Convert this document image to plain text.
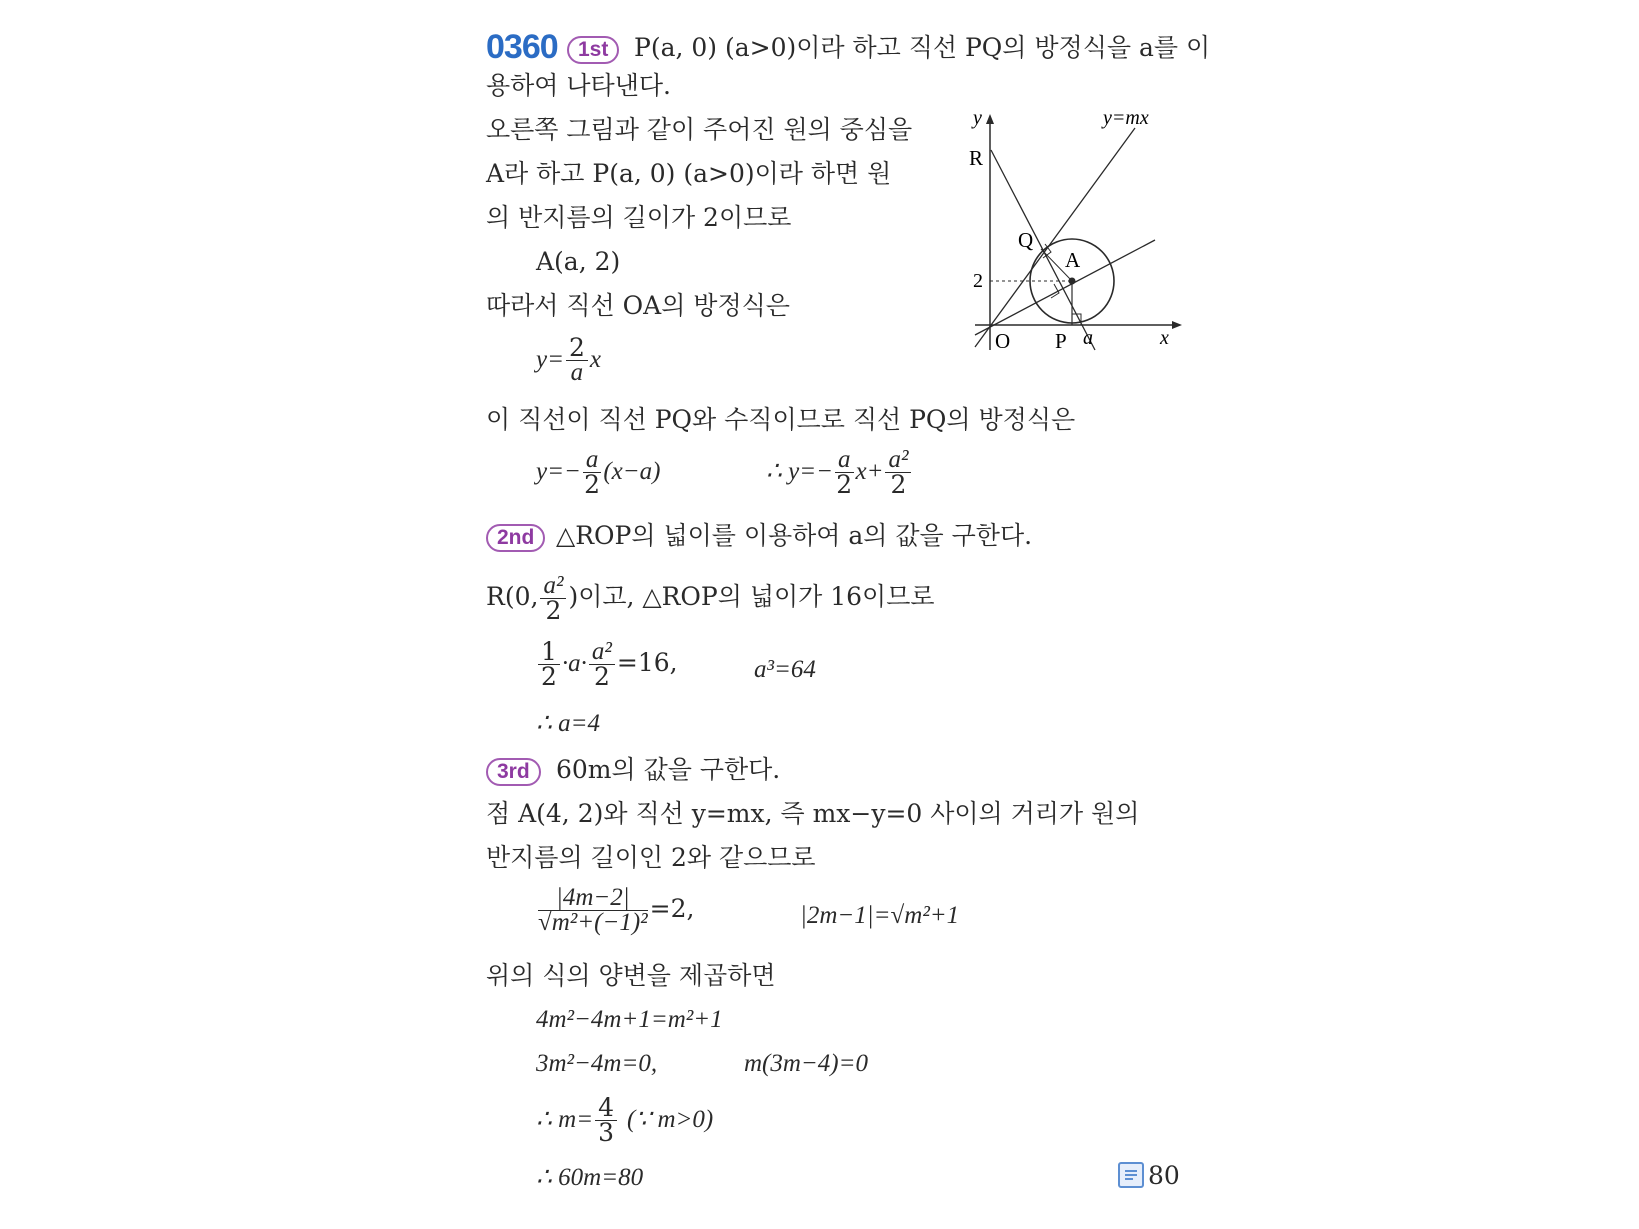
0360 1st	P(a, 0) (a>0)이라 하고 직선 PQ의 방정식을 a를 이
용하여 나타낸다.
오른쪽 그림과 같이 주어진 원의 중심을
A라 하고 P(a, 0) (a>0)이라 하면 원
의 반지름의 길이가 2이므로
A(a, 2)
따라서 직선 OA의 방정식은
$y= \frac{2}{a}$ x
이 직선이 직선 PQ와 수직이므로 직선 PQ의 방정식은
$y=- \frac{a}{2} (x-a)$	∴ $y=- \frac{a}{2} x+ \frac{\text{a²}}{2}$
2nd △ROP의 넓이를 이용하여 a의 값을 구한다.
R(0, $\frac{\text{a²}}{2}$ )이고, △ROP의 넓이가 16이므로
$\frac{1}{2} \cdot a\cdot \frac{\text{a²}}{2} =16$,	a³=64
∴ a=4
3rd	60m의 값을 구한다.
점 A(4, 2)와 직선 y=mx, 즉 mx−y=0 사이의 거리가 원의
반지름의 길이인 2와 같으므로
$\frac{|4m-2|}{\text{√m²+(−1)²}} =2$,	|2m−1|=√m²+1
위의 식의 양변을 제곱하면
4m²−4m+1=m²+1
3m²−4m=0,	m(3m−4)=0
∴ $m= \frac{4}{3}$ (∵ m>0)
∴ 60m=80	80
y	y=mx
R
Q
A
2
O P a	x
